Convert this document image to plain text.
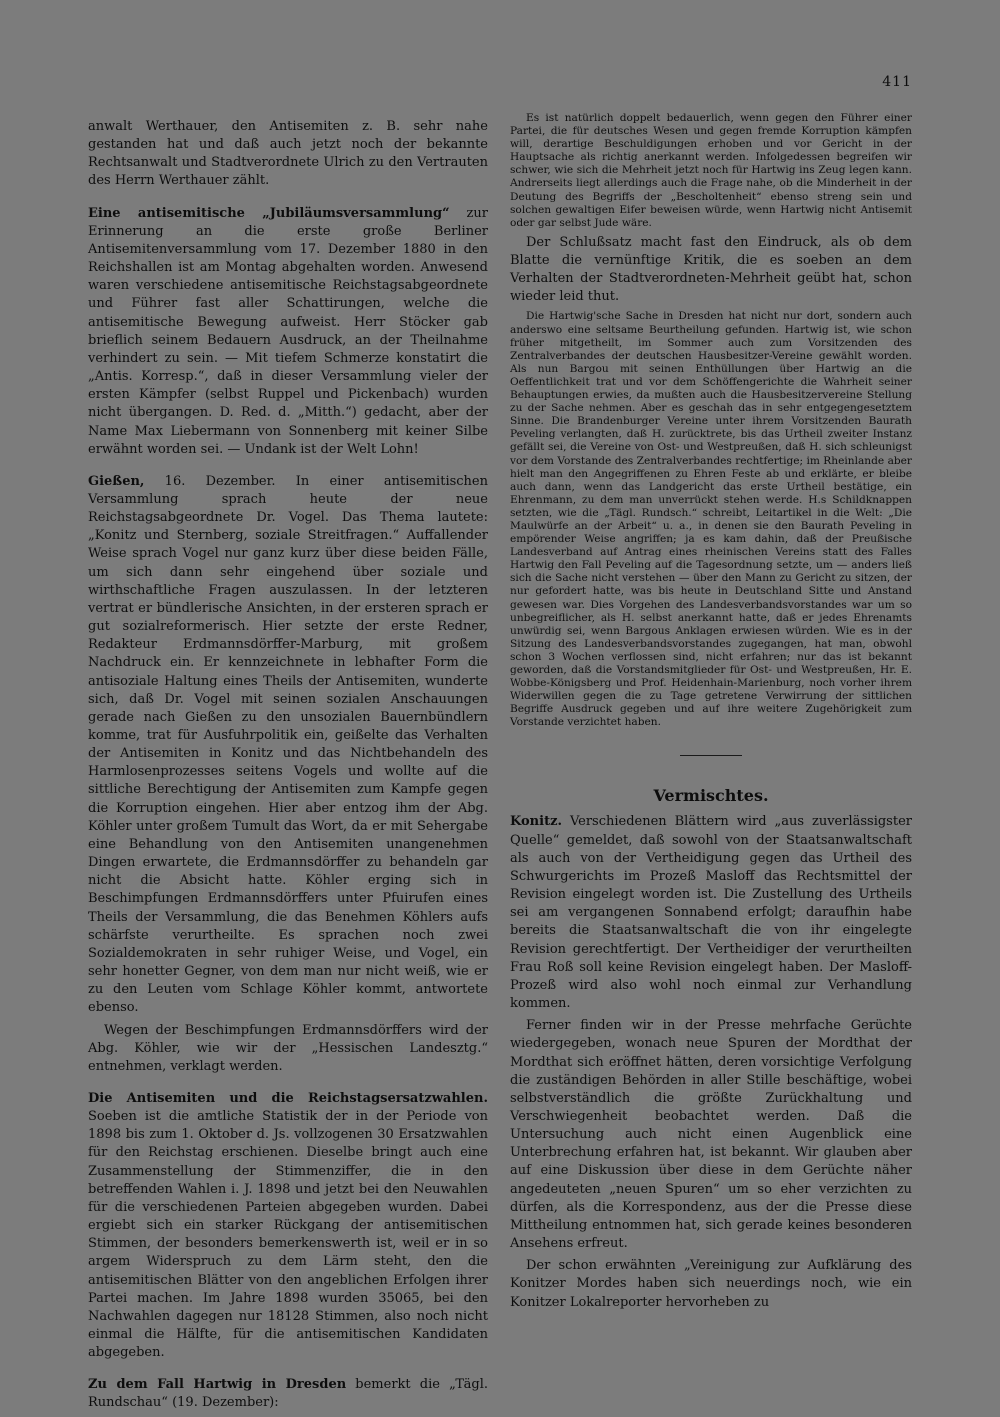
411

anwalt Werthauer, den Antisemiten z. B. sehr nahe gestanden hat und daß auch jetzt noch der bekannte Rechtsanwalt und Stadtverordnete Ulrich zu den Vertrauten des Herrn Werthauer zählt.

Eine antisemitische „Jubiläumsversammlung“ zur Erinnerung an die erste große Berliner Antisemitenversammlung vom 17. Dezember 1880 in den Reichshallen ist am Montag abgehalten worden. Anwesend waren verschiedene antisemitische Reichstagsabgeordnete und Führer fast aller Schattirungen, welche die antisemitische Bewegung aufweist. Herr Stöcker gab brieflich seinem Bedauern Ausdruck, an der Theilnahme verhindert zu sein. — Mit tiefem Schmerze konstatirt die „Antis. Korresp.“, daß in dieser Versammlung vieler der ersten Kämpfer (selbst Ruppel und Pickenbach) wurden nicht übergangen. D. Red. d. „Mitth.“) gedacht, aber der Name Max Liebermann von Sonnenberg mit keiner Silbe erwähnt worden sei. — Undank ist der Welt Lohn!

Gießen, 16. Dezember. In einer antisemitischen Versammlung sprach heute der neue Reichstagsabgeordnete Dr. Vogel. Das Thema lautete: „Konitz und Sternberg, soziale Streitfragen.“ Auffallender Weise sprach Vogel nur ganz kurz über diese beiden Fälle, um sich dann sehr eingehend über soziale und wirthschaftliche Fragen auszulassen. In der letzteren vertrat er bündlerische Ansichten, in der ersteren sprach er gut sozialreformerisch. Hier setzte der erste Redner, Redakteur Erdmannsdörffer-Marburg, mit großem Nachdruck ein. Er kennzeichnete in lebhafter Form die antisoziale Haltung eines Theils der Antisemiten, wunderte sich, daß Dr. Vogel mit seinen sozialen Anschauungen gerade nach Gießen zu den unsozialen Bauernbündlern komme, trat für Ausfuhrpolitik ein, geißelte das Verhalten der Antisemiten in Konitz und das Nichtbehandeln des Harmlosenprozesses seitens Vogels und wollte auf die sittliche Berechtigung der Antisemiten zum Kampfe gegen die Korruption eingehen. Hier aber entzog ihm der Abg. Köhler unter großem Tumult das Wort, da er mit Sehergabe eine Behandlung von den Antisemiten unangenehmen Dingen erwartete, die Erdmannsdörffer zu behandeln gar nicht die Absicht hatte. Köhler erging sich in Beschimpfungen Erdmannsdörffers unter Pfuirufen eines Theils der Versammlung, die das Benehmen Köhlers aufs schärfste verurtheilte. Es sprachen noch zwei Sozialdemokraten in sehr ruhiger Weise, und Vogel, ein sehr honetter Gegner, von dem man nur nicht weiß, wie er zu den Leuten vom Schlage Köhler kommt, antwortete ebenso.

Wegen der Beschimpfungen Erdmannsdörffers wird der Abg. Köhler, wie wir der „Hessischen Landesztg.“ entnehmen, verklagt werden.

Die Antisemiten und die Reichstagsersatzwahlen. Soeben ist die amtliche Statistik der in der Periode von 1898 bis zum 1. Oktober d. Js. vollzogenen 30 Ersatzwahlen für den Reichstag erschienen. Dieselbe bringt auch eine Zusammenstellung der Stimmenziffer, die in den betreffenden Wahlen i. J. 1898 und jetzt bei den Neuwahlen für die verschiedenen Parteien abgegeben wurden. Dabei ergiebt sich ein starker Rückgang der antisemitischen Stimmen, der besonders bemerkenswerth ist, weil er in so argem Widerspruch zu dem Lärm steht, den die antisemitischen Blätter von den angeblichen Erfolgen ihrer Partei machen. Im Jahre 1898 wurden 35065, bei den Nachwahlen dagegen nur 18128 Stimmen, also noch nicht einmal die Hälfte, für die antisemitischen Kandidaten abgegeben.

Zu dem Fall Hartwig in Dresden bemerkt die „Tägl. Rundschau“ (19. Dezember):

Es ist natürlich doppelt bedauerlich, wenn gegen den Führer einer Partei, die für deutsches Wesen und gegen fremde Korruption kämpfen will, derartige Beschuldigungen erhoben und vor Gericht in der Hauptsache als richtig anerkannt werden. Infolgedessen begreifen wir schwer, wie sich die Mehrheit jetzt noch für Hartwig ins Zeug legen kann. Andrerseits liegt allerdings auch die Frage nahe, ob die Minderheit in der Deutung des Begriffs der „Bescholtenheit“ ebenso streng sein und solchen gewaltigen Eifer beweisen würde, wenn Hartwig nicht Antisemit oder gar selbst Jude wäre.

Der Schlußsatz macht fast den Eindruck, als ob dem Blatte die vernünftige Kritik, die es soeben an dem Verhalten der Stadtverordneten-Mehrheit geübt hat, schon wieder leid thut.

Die Hartwig'sche Sache in Dresden hat nicht nur dort, sondern auch anderswo eine seltsame Beurtheilung gefunden. Hartwig ist, wie schon früher mitgetheilt, im Sommer auch zum Vorsitzenden des Zentralverbandes der deutschen Hausbesitzer-Vereine gewählt worden. Als nun Bargou mit seinen Enthüllungen über Hartwig an die Oeffentlichkeit trat und vor dem Schöffengerichte die Wahrheit seiner Behauptungen erwies, da mußten auch die Hausbesitzervereine Stellung zu der Sache nehmen. Aber es geschah das in sehr entgegengesetztem Sinne. Die Brandenburger Vereine unter ihrem Vorsitzenden Baurath Peveling verlangten, daß H. zurücktrete, bis das Urtheil zweiter Instanz gefällt sei, die Vereine von Ost- und Westpreußen, daß H. sich schleunigst vor dem Vorstande des Zentralverbandes rechtfertige; im Rheinlande aber hielt man den Angegriffenen zu Ehren Feste ab und erklärte, er bleibe auch dann, wenn das Landgericht das erste Urtheil bestätige, ein Ehrenmann, zu dem man unverrückt stehen werde. H.s Schildknappen setzten, wie die „Tägl. Rundsch.“ schreibt, Leitartikel in die Welt: „Die Maulwürfe an der Arbeit“ u. a., in denen sie den Baurath Peveling in empörender Weise angriffen; ja es kam dahin, daß der Preußische Landesverband auf Antrag eines rheinischen Vereins statt des Falles Hartwig den Fall Peveling auf die Tagesordnung setzte, um — anders ließ sich die Sache nicht verstehen — über den Mann zu Gericht zu sitzen, der nur gefordert hatte, was bis heute in Deutschland Sitte und Anstand gewesen war. Dies Vorgehen des Landesverbandsvorstandes war um so unbegreiflicher, als H. selbst anerkannt hatte, daß er jedes Ehrenamts unwürdig sei, wenn Bargous Anklagen erwiesen würden. Wie es in der Sitzung des Landesverbandsvorstandes zugegangen, hat man, obwohl schon 3 Wochen verflossen sind, nicht erfahren; nur das ist bekannt geworden, daß die Vorstandsmitglieder für Ost- und Westpreußen, Hr. E. Wobbe-Königsberg und Prof. Heidenhain-Marienburg, noch vorher ihrem Widerwillen gegen die zu Tage getretene Verwirrung der sittlichen Begriffe Ausdruck gegeben und auf ihre weitere Zugehörigkeit zum Vorstande verzichtet haben.

Vermischtes.

Konitz. Verschiedenen Blättern wird „aus zuverlässigster Quelle“ gemeldet, daß sowohl von der Staatsanwaltschaft als auch von der Vertheidigung gegen das Urtheil des Schwurgerichts im Prozeß Masloff das Rechtsmittel der Revision eingelegt worden ist. Die Zustellung des Urtheils sei am vergangenen Sonnabend erfolgt; daraufhin habe bereits die Staatsanwaltschaft die von ihr eingelegte Revision gerechtfertigt. Der Vertheidiger der verurtheilten Frau Roß soll keine Revision eingelegt haben. Der Masloff-Prozeß wird also wohl noch einmal zur Verhandlung kommen.

Ferner finden wir in der Presse mehrfache Gerüchte wiedergegeben, wonach neue Spuren der Mordthat der Mordthat sich eröffnet hätten, deren vorsichtige Verfolgung die zuständigen Behörden in aller Stille beschäftige, wobei selbstverständlich die größte Zurückhaltung und Verschwiegenheit beobachtet werden. Daß die Untersuchung auch nicht einen Augenblick eine Unterbrechung erfahren hat, ist bekannt. Wir glauben aber auf eine Diskussion über diese in dem Gerüchte näher angedeuteten „neuen Spuren“ um so eher verzichten zu dürfen, als die Korrespondenz, aus der die Presse diese Mittheilung entnommen hat, sich gerade keines besonderen Ansehens erfreut.

Der schon erwähnten „Vereinigung zur Aufklärung des Konitzer Mordes haben sich neuerdings noch, wie ein Konitzer Lokalreporter hervorheben zu
